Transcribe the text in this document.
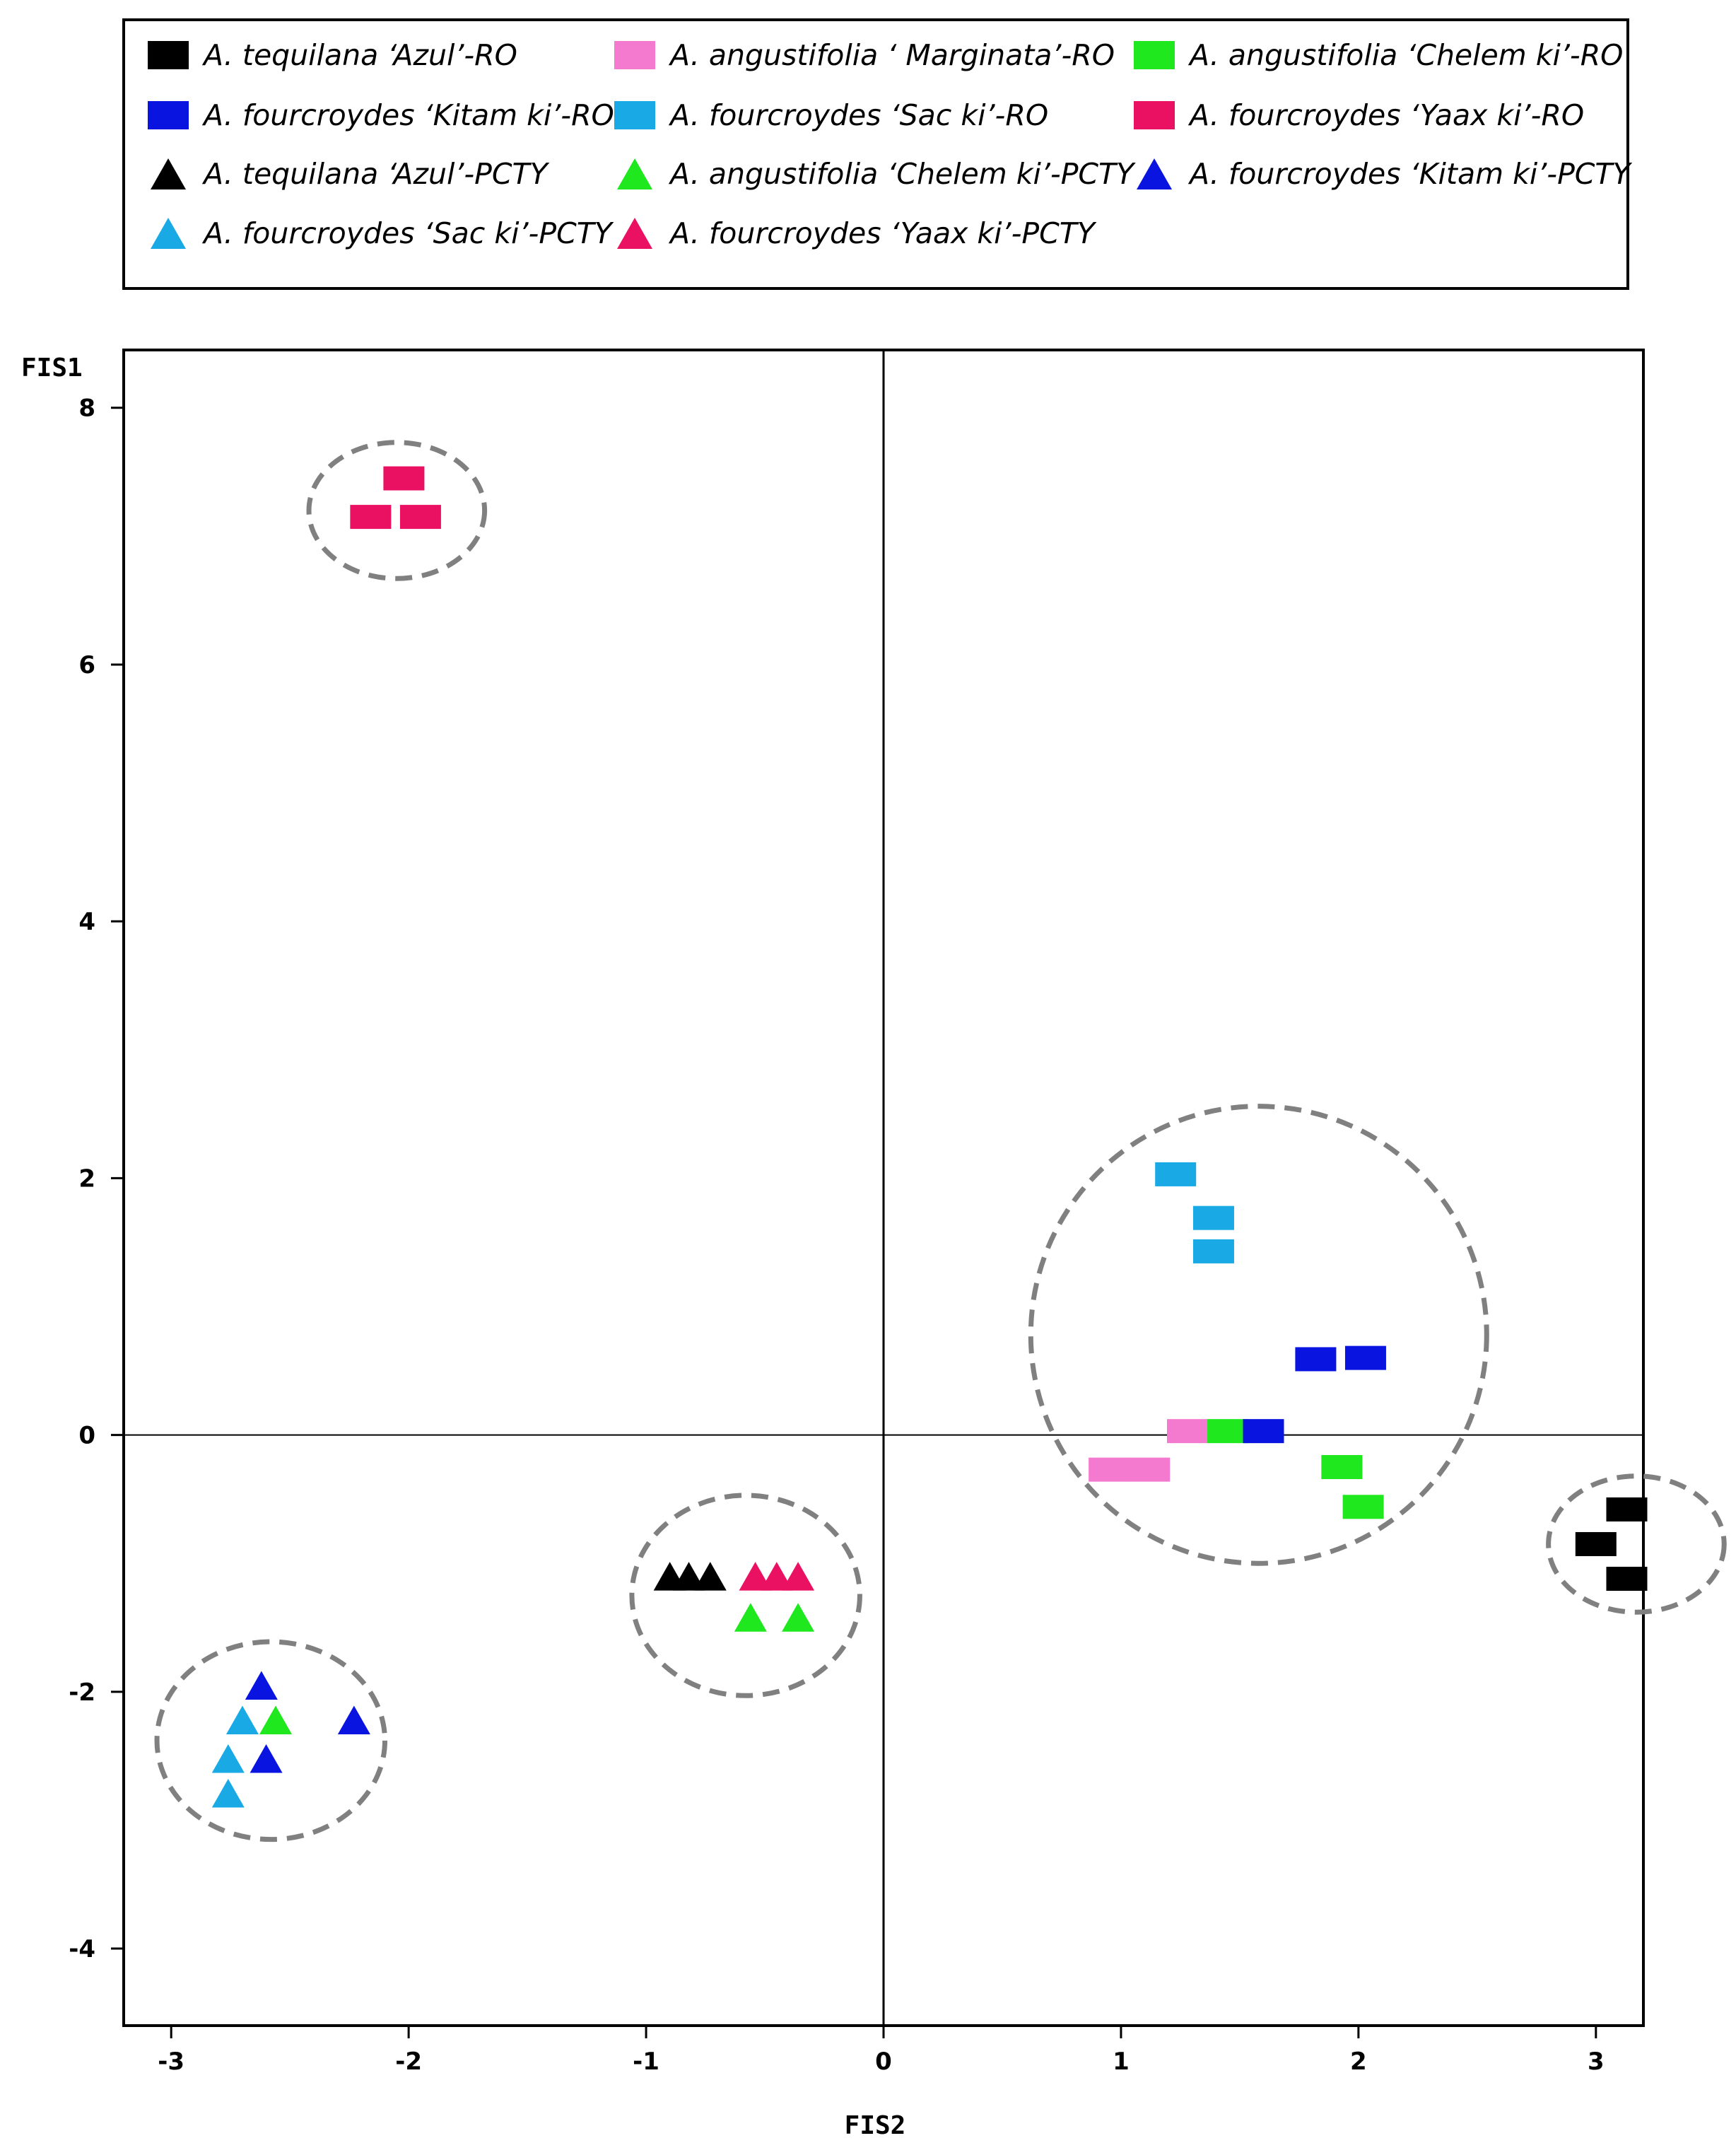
A. tequilana ‘Azul’-RO	A. angustifolia ‘ Marginata’-RO	A. angustifolia ‘Chelem ki’-RO
A. fourcroydes ‘Kitam ki’-RO A. fourcroydes ‘Sac ki’-RO	A. fourcroydes ‘Yaax ki’-RO
A. tequilana ‘Azul’-PCTY	A. angustifolia ‘Chelem ki’-PCTY A. fourcroydes ‘Kitam ki’-PCTY
A. fourcroydes ‘Sac ki’-PCTY A. fourcroydes ‘Yaax ki’-PCTY
-3	-2	-1	0	1	2	3
-4
-2
0
2
4
6
8
FIS1
FIS2
